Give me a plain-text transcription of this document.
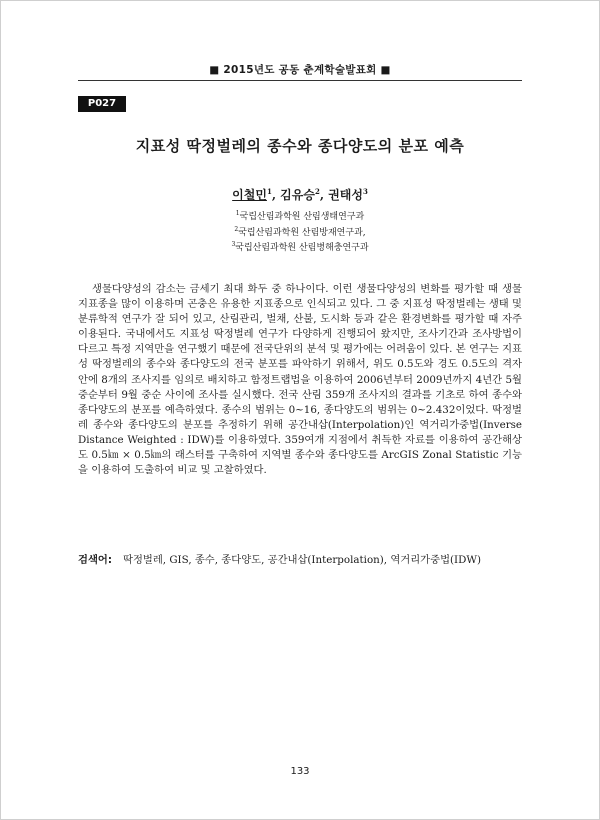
■ 2015년도 공동 춘계학술발표회 ■
P027
지표성 딱정벌레의 종수와 종다양도의 분포 예측
이철민$^1$, 김유승$^2$, 권태성$^3$
$^1$국립산림과학원 산림생태연구과
$^2$국립산림과학원 산림방재연구과,
$^3$국립산림과학원 산림병해충연구과

생물다양성의 감소는 금세기 최대 화두 중 하나이다. 이런 생물다양성의 변화를 평가할 때 생물지표종을 많이 이용하며 곤충은 유용한 지표종으로 인식되고 있다. 그 중 지표성 딱정벌레는 생태 및 분류학적 연구가 잘 되어 있고, 산림관리, 벌채, 산불, 도시화 등과 같은 환경변화를 평가할 때 자주 이용된다. 국내에서도 지표성 딱정벌레 연구가 다양하게 진행되어 왔지만, 조사기간과 조사방법이 다르고 특정 지역만을 연구했기 때문에 전국단위의 분석 및 평가에는 어려움이 있다. 본 연구는 지표성 딱정벌레의 종수와 종다양도의 전국 분포를 파악하기 위해서, 위도 0.5도와 경도 0.5도의 격자 안에 8개의 조사지를 임의로 배치하고 함정트랩법을 이용하여 2006년부터 2009년까지 4년간 5월 중순부터 9월 중순 사이에 조사를 실시했다. 전국 산림 359개 조사지의 결과를 기초로 하여 종수와 종다양도의 분포를 예측하였다. 종수의 범위는 0~16, 종다양도의 범위는 0~2.432이었다. 딱정벌레 종수와 종다양도의 분포를 추정하기 위해 공간내삽(Interpolation)인 역거리가중법(Inverse Distance Weighted : IDW)를 이용하였다. 359여개 지점에서 취득한 자료를 이용하여 공간해상도 0.5㎞ × 0.5㎞의 래스터를 구축하여 지역별 종수와 종다양도를 ArcGIS Zonal Statistic 기능을 이용하여 도출하여 비교 및 고찰하였다.

검색어:	딱정벌레, GIS, 종수, 종다양도, 공간내삽(Interpolation), 역거리가중법(IDW)
133
